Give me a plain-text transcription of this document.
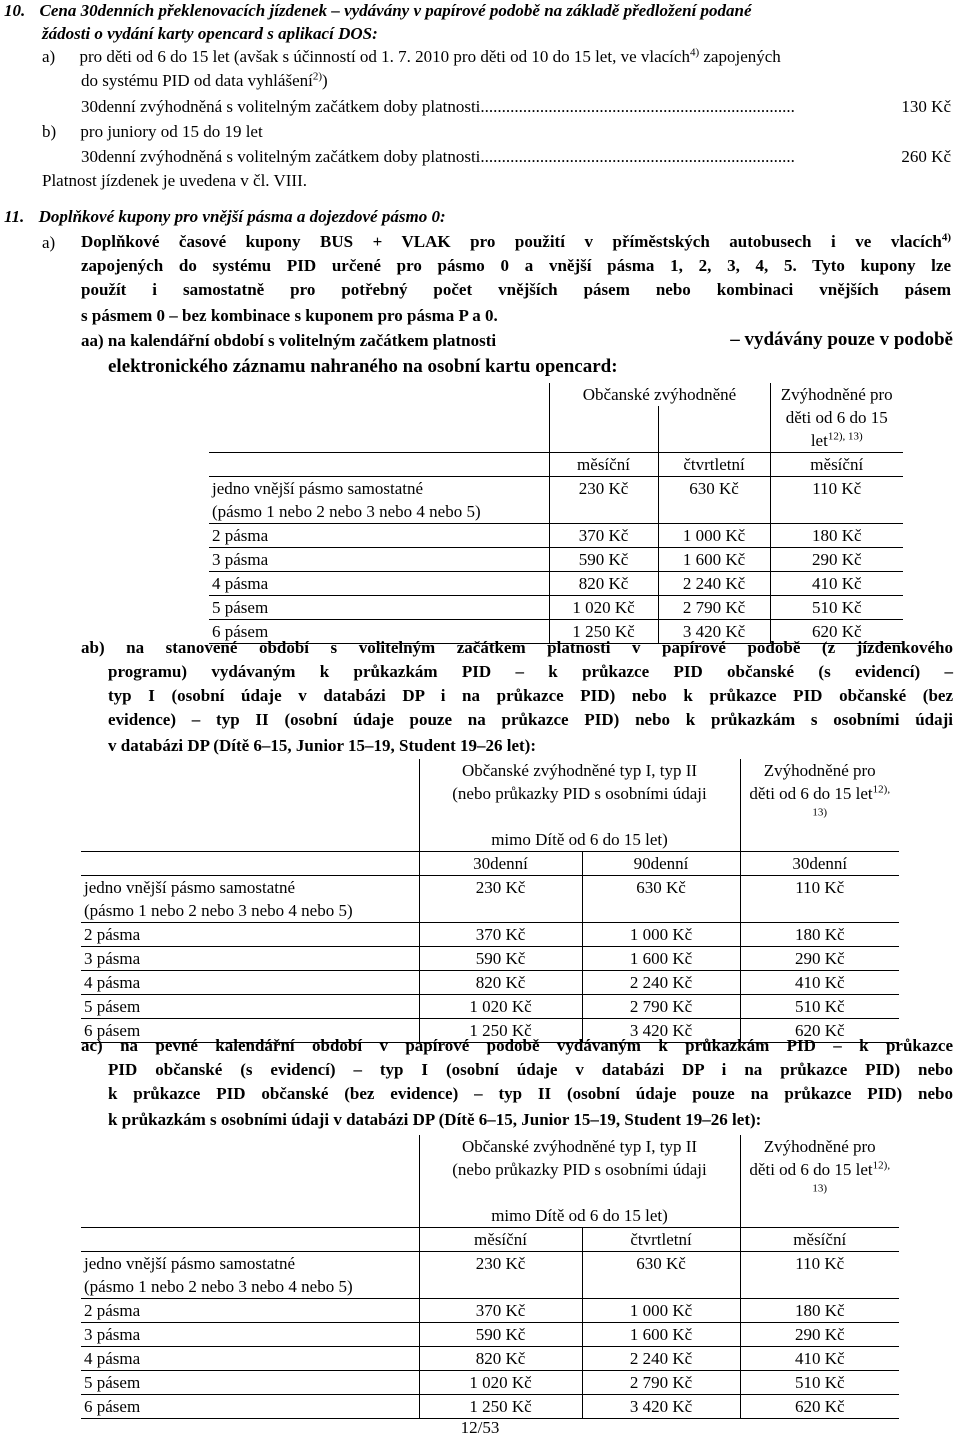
10. Cena 30denních překlenovacích jízdenek – vydávány v papírové podobě na základě předložení podané
žádosti o vydání karty opencard s aplikací DOS:
a) pro děti od 6 do 15 let (avšak s účinností od 1. 7. 2010 pro děti od 10 do 15 let, ve vlacích$^{4)}$ zapojených
do systému PID od data vyhlášení$^{2)}$)
30denní zvýhodněná s volitelným začátkem doby platnosti..........................................................................	130 Kč
b) pro juniory od 15 do 19 let
30denní zvýhodněná s volitelným začátkem doby platnosti..........................................................................	260 Kč
Platnost jízdenek je uvedena v čl. VIII.
11. Doplňkové kupony pro vnější pásma a dojezdové pásmo 0:
a) Doplňkové časové kupony BUS + VLAK pro použití v příměstských autobusech i ve vlacích$^{4)}$
zapojených do systému PID určené pro pásmo 0 a vnější pásma 1, 2, 3, 4, 5. Tyto kupony lze
použít i samostatně pro potřebný počet vnějších pásem nebo kombinaci vnějších pásem
s pásmem 0 – bez kombinace s kuponem pro pásma P a 0.
aa) na kalendářní období s volitelným začátkem platnosti	– vydávány pouze v podobě
elektronického záznamu nahraného na osobní kartu opencard:
	Občanské zvýhodněné		Zvýhodněné pro
			děti od 6 do 15 let$^{12), 13)}$
	měsíční	čtvrtletní	měsíční
jedno vnější pásmo samostatné	230 Kč	630 Kč	110 Kč
(pásmo 1 nebo 2 nebo 3 nebo 4 nebo 5)			
2 pásma	370 Kč	1 000 Kč	180 Kč
3 pásma	590 Kč	1 600 Kč	290 Kč
4 pásma	820 Kč	2 240 Kč	410 Kč
5 pásem	1 020 Kč	2 790 Kč	510 Kč
6 pásem	1 250 Kč	3 420 Kč	620 Kč
ab) na stanovené období s volitelným začátkem platnosti v papírové podobě (z jízdenkového
programu) vydávaným k průkazkám PID – k průkazce PID občanské (s evidencí) –
typ I (osobní údaje v databázi DP i na průkazce PID) nebo k průkazce PID občanské (bez
evidence) – typ II (osobní údaje pouze na průkazce PID) nebo k průkazkám s osobními údaji
v databázi DP (Dítě 6–15, Junior 15–19, Student 19–26 let):
	Občanské zvýhodněné typ I, typ II		Zvýhodněné pro
	(nebo průkazky PID s osobními údaji		děti od 6 do 15 let$^{12), 13)}$
	mimo Dítě od 6 do 15 let)		
	30denní	90denní	30denní
jedno vnější pásmo samostatné	230 Kč	630 Kč	110 Kč
(pásmo 1 nebo 2 nebo 3 nebo 4 nebo 5)			
2 pásma	370 Kč	1 000 Kč	180 Kč
3 pásma	590 Kč	1 600 Kč	290 Kč
4 pásma	820 Kč	2 240 Kč	410 Kč
5 pásem	1 020 Kč	2 790 Kč	510 Kč
6 pásem	1 250 Kč	3 420 Kč	620 Kč
ac) na pevné kalendářní období v papírové podobě vydávaným k průkazkám PID – k průkazce
PID občanské (s evidencí) – typ I (osobní údaje v databázi DP i na průkazce PID) nebo
k průkazce PID občanské (bez evidence) – typ II (osobní údaje pouze na průkazce PID) nebo
k průkazkám s osobními údaji v databázi DP (Dítě 6–15, Junior 15–19, Student 19–26 let):
	Občanské zvýhodněné typ I, typ II		Zvýhodněné pro
	(nebo průkazky PID s osobními údaji		děti od 6 do 15 let$^{12), 13)}$
	mimo Dítě od 6 do 15 let)		
	měsíční	čtvrtletní	měsíční
jedno vnější pásmo samostatné	230 Kč	630 Kč	110 Kč
(pásmo 1 nebo 2 nebo 3 nebo 4 nebo 5)			
2 pásma	370 Kč	1 000 Kč	180 Kč
3 pásma	590 Kč	1 600 Kč	290 Kč
4 pásma	820 Kč	2 240 Kč	410 Kč
5 pásem	1 020 Kč	2 790 Kč	510 Kč
6 pásem	1 250 Kč	3 420 Kč	620 Kč
12/53
